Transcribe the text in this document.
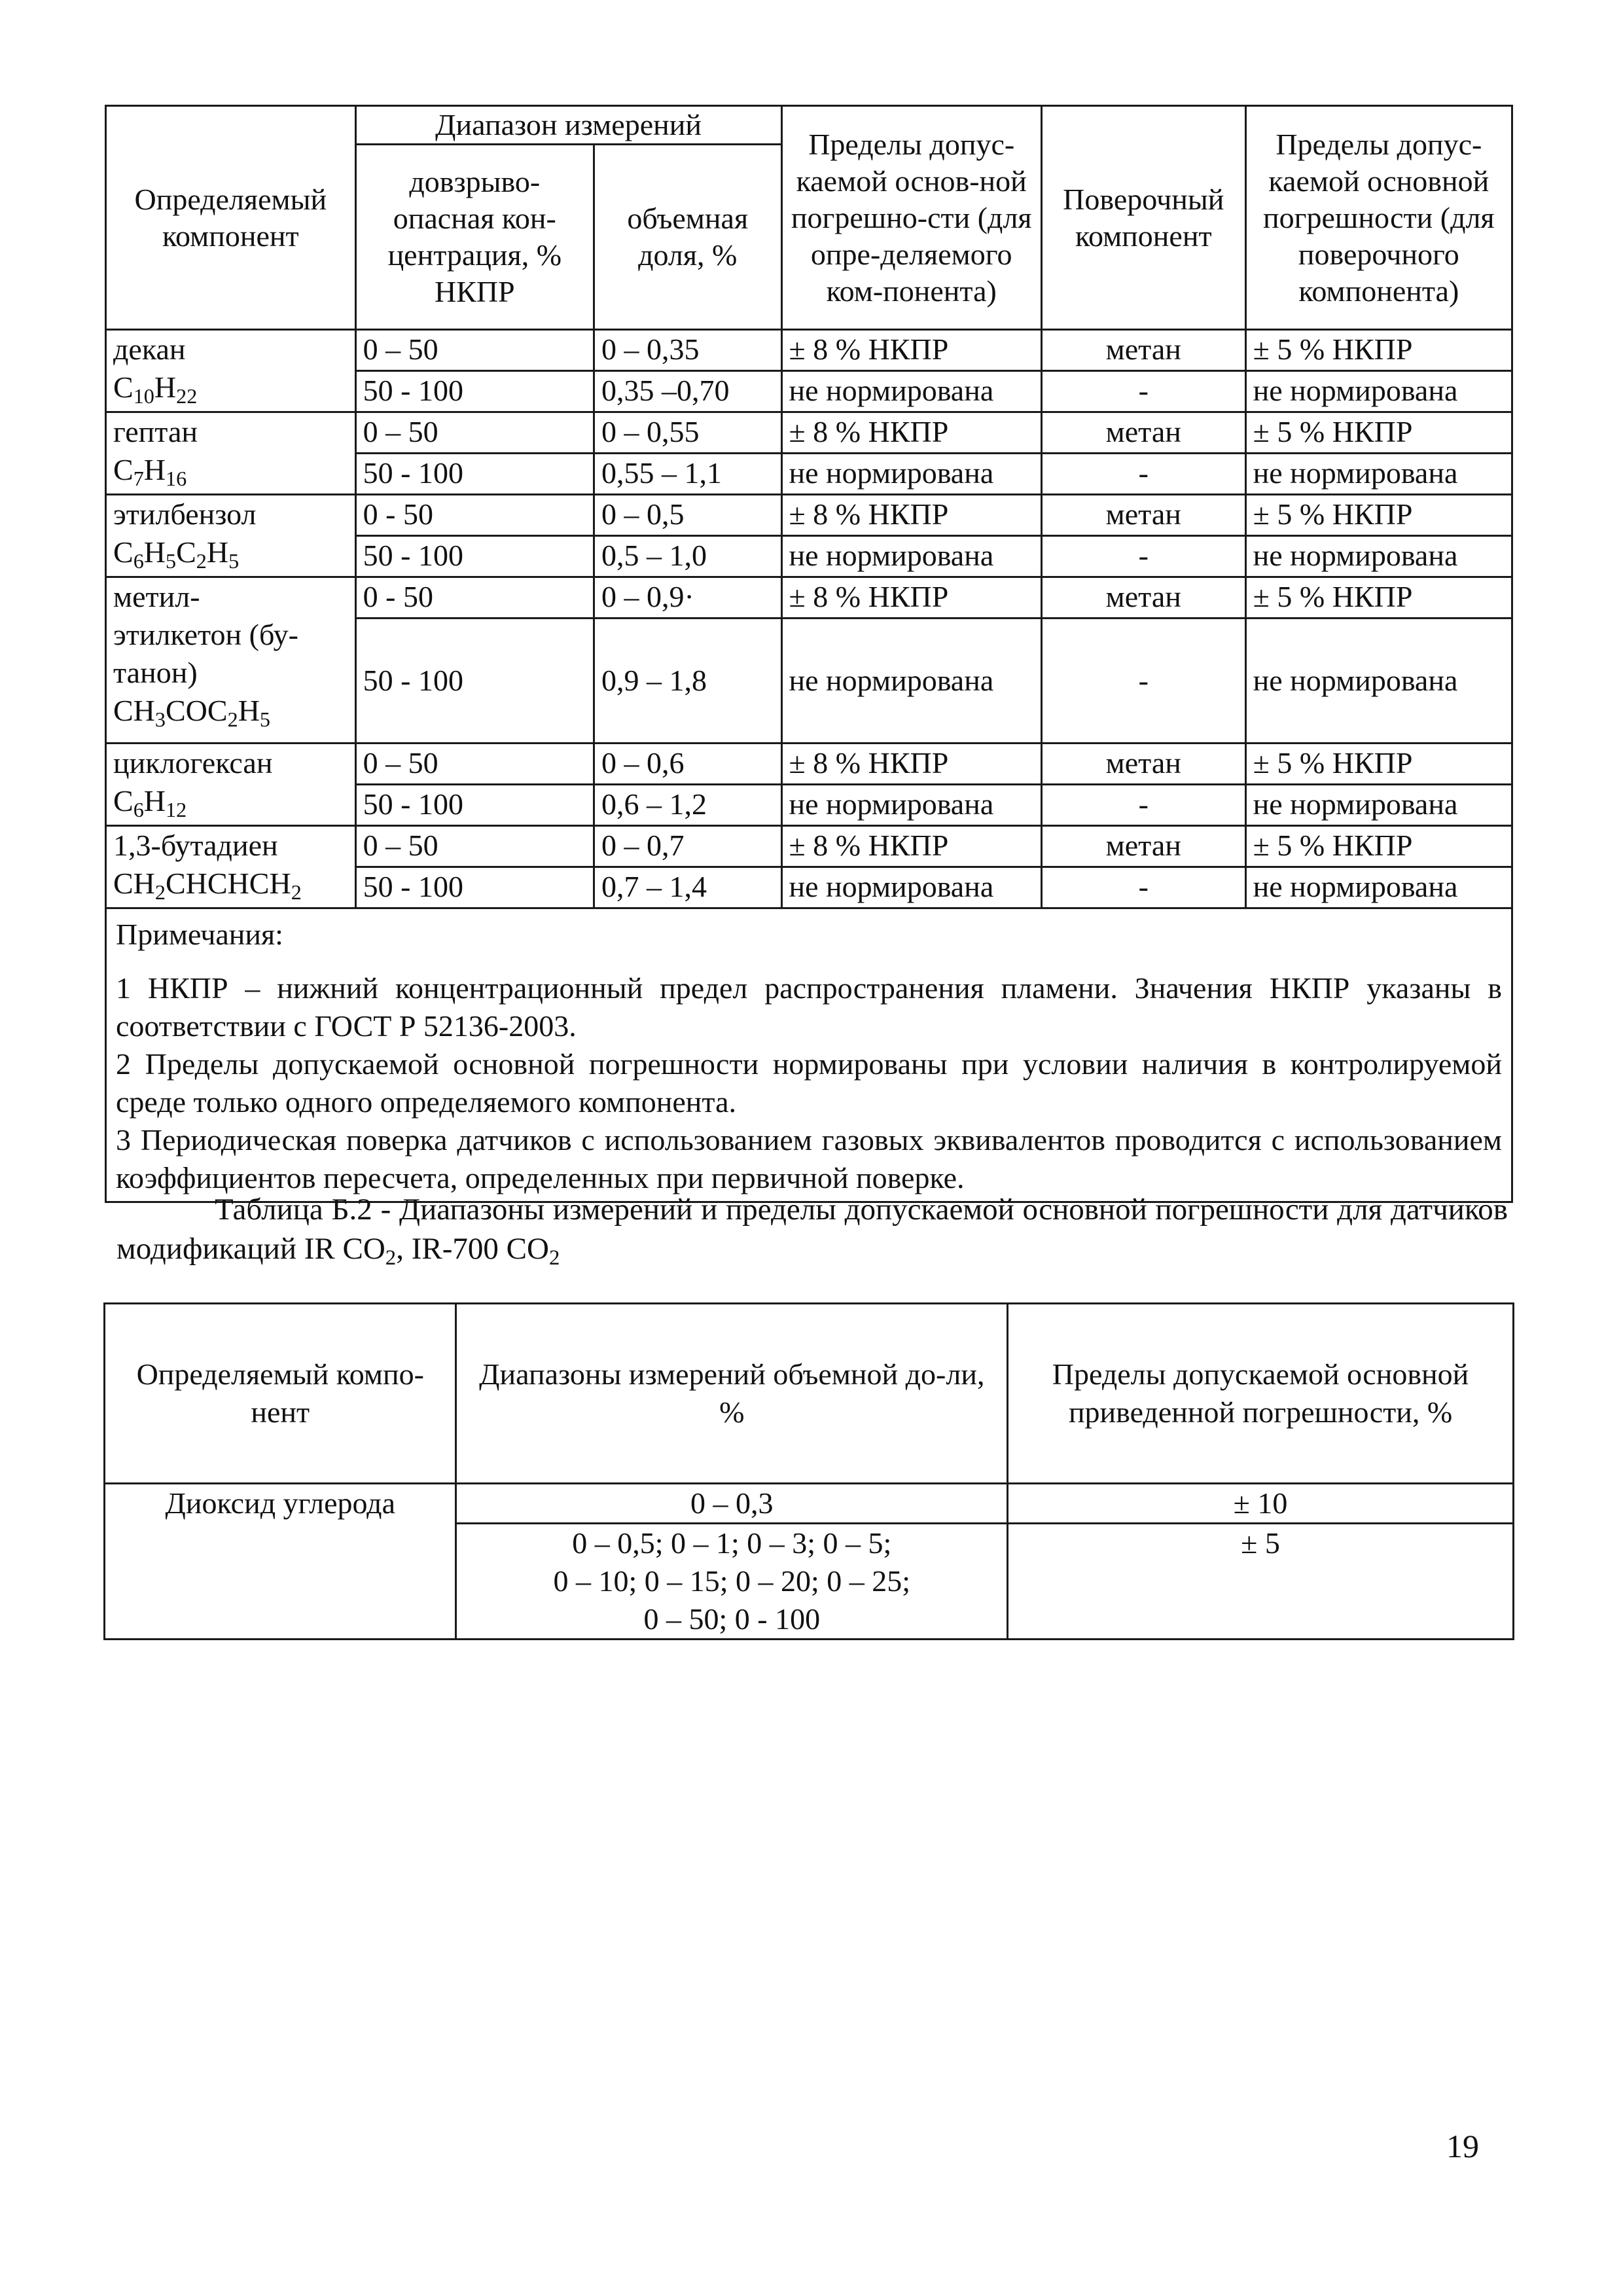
Определяемый компонент	Диапазон измерений		Пределы допус-каемой основ-ной погрешно-сти (для опре-деляемого ком-понента)	Поверочный компонент	Пределы допус-каемой основной погрешности (для поверочного компонента)
	довзрыво-опасная кон-центрация, % НКПР	объемная доля, %			

декан
$C_{10}H_{22}$	0 – 50	0 – 0,35	± 8 % НКПР	метан	± 5 % НКПР
	50 - 100	0,35 –0,70	не нормирована	-	не нормирована

гептан
$C_7H_{16}$	0 – 50	0 – 0,55	± 8 % НКПР	метан	± 5 % НКПР
	50 - 100	0,55 – 1,1	не нормирована	-	не нормирована

этилбензол
$C_6H_5C_2H_5$	0 - 50	0 – 0,5	± 8 % НКПР	метан	± 5 % НКПР
	50 - 100	0,5 – 1,0	не нормирована	-	не нормирована

метил-
этилкетон (бу-
танон)
$CH_3COC_2H_5$	0 - 50	0 – 0,9·	± 8 % НКПР	метан	± 5 % НКПР
	50 - 100	0,9 – 1,8	не нормирована	-	не нормирована

циклогексан
$C_6H_{12}$	0 – 50	0 – 0,6	± 8 % НКПР	метан	± 5 % НКПР
	50 - 100	0,6 – 1,2	не нормирована	-	не нормирована

1,3-бутадиен
$CH_2CHCHCH_2$	0 – 50	0 – 0,7	± 8 % НКПР	метан	± 5 % НКПР
	50 - 100	0,7 – 1,4	не нормирована	-	не нормирована

Примечания:

1 НКПР – нижний концентрационный предел распространения пламени. Значения НКПР указаны в соответствии с ГОСТ Р 52136-2003.

2 Пределы допускаемой основной погрешности нормированы при условии наличия в контролируемой среде только одного определяемого компонента.

3 Периодическая поверка датчиков с использованием газовых эквивалентов проводится с использованием коэффициентов пересчета, определенных при первичной поверке.					

Таблица Б.2 - Диапазоны измерений и пределы допускаемой основной погрешности для датчиков модификаций IR $CO_2$, IR-700 $CO_2$
Определяемый компо-нент	Диапазоны измерений объемной до-ли, %	Пределы допускаемой основной приведенной погрешности, %
Диоксид углерода	0 – 0,3	± 10

	0 – 0,5; 0 – 1; 0 – 3; 0 – 5;
0 – 10; 0 – 15; 0 – 20; 0 – 25;
0 – 50; 0 - 100	± 5
19
